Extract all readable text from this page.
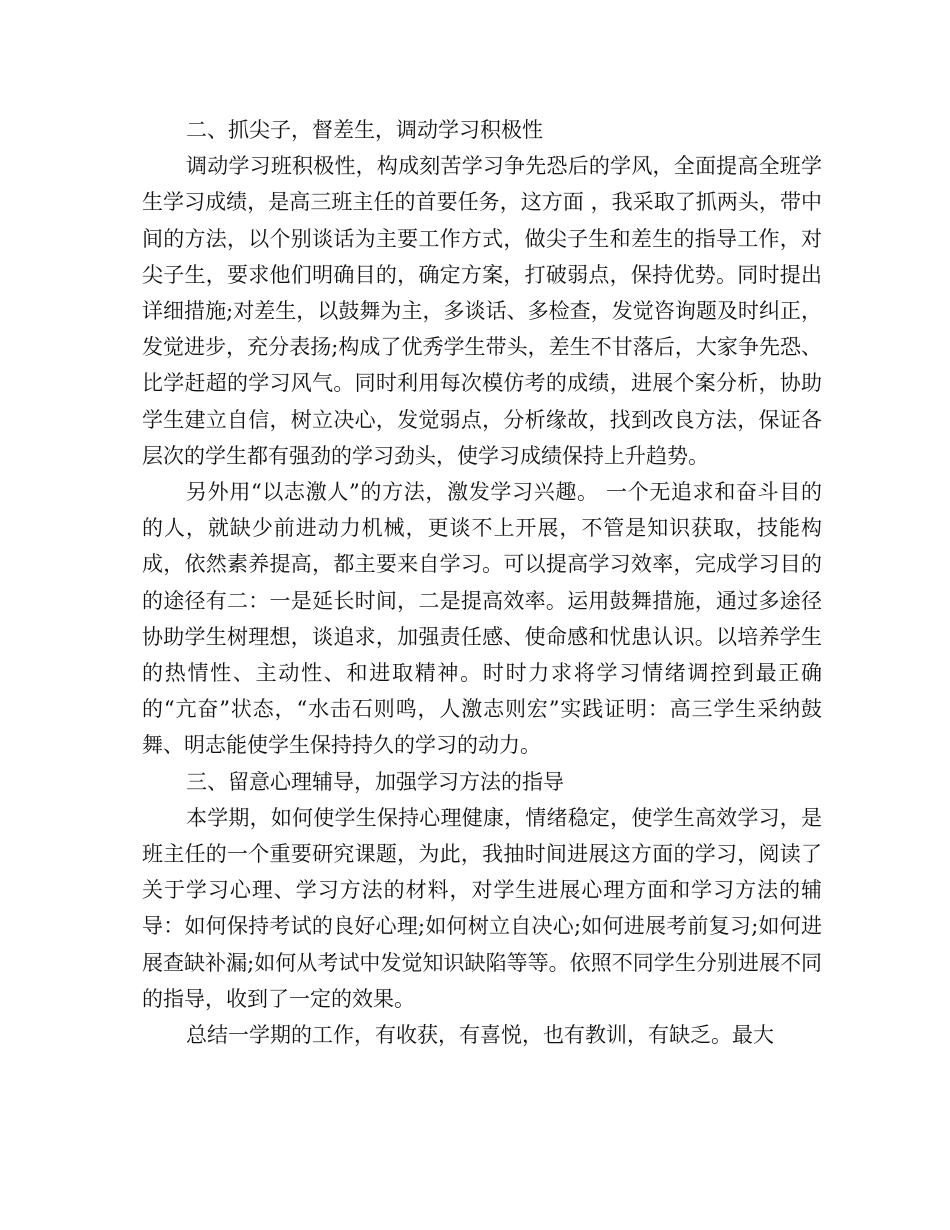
二、抓尖子，督差生，调动学习积极性

调动学习班积极性，构成刻苦学习争先恐后的学风，全面提高全班学生学习成绩，是高三班主任的首要任务，这方面 ，我采取了抓两头，带中间的方法，以个别谈话为主要工作方式，做尖子生和差生的指导工作，对尖子生，要求他们明确目的，确定方案，打破弱点，保持优势。同时提出详细措施;对差生，以鼓舞为主，多谈话、多检查，发觉咨询题及时纠正，发觉进步，充分表扬;构成了优秀学生带头，差生不甘落后，大家争先恐、比学赶超的学习风气。同时利用每次模仿考的成绩，进展个案分析，协助学生建立自信，树立决心，发觉弱点，分析缘故，找到改良方法，保证各层次的学生都有强劲的学习劲头，使学习成绩保持上升趋势。

另外用“以志激人”的方法，激发学习兴趣。 一个无追求和奋斗目的的人，就缺少前进动力机械，更谈不上开展，不管是知识获取，技能构成，依然素养提高，都主要来自学习。可以提高学习效率，完成学习目的的途径有二：一是延长时间，二是提高效率。运用鼓舞措施，通过多途径协助学生树理想，谈追求，加强责任感、使命感和忧患认识。以培养学生的热情性、主动性、和进取精神。时时力求将学习情绪调控到最正确的“亢奋”状态，“水击石则鸣，人激志则宏”实践证明：高三学生采纳鼓舞、明志能使学生保持持久的学习的动力。

三、留意心理辅导，加强学习方法的指导

本学期，如何使学生保持心理健康，情绪稳定，使学生高效学习，是班主任的一个重要研究课题，为此，我抽时间进展这方面的学习，阅读了关于学习心理、学习方法的材料，对学生进展心理方面和学习方法的辅导：如何保持考试的良好心理;如何树立自决心;如何进展考前复习;如何进展查缺补漏;如何从考试中发觉知识缺陷等等。依照不同学生分别进展不同的指导，收到了一定的效果。

总结一学期的工作，有收获，有喜悦，也有教训，有缺乏。最大
